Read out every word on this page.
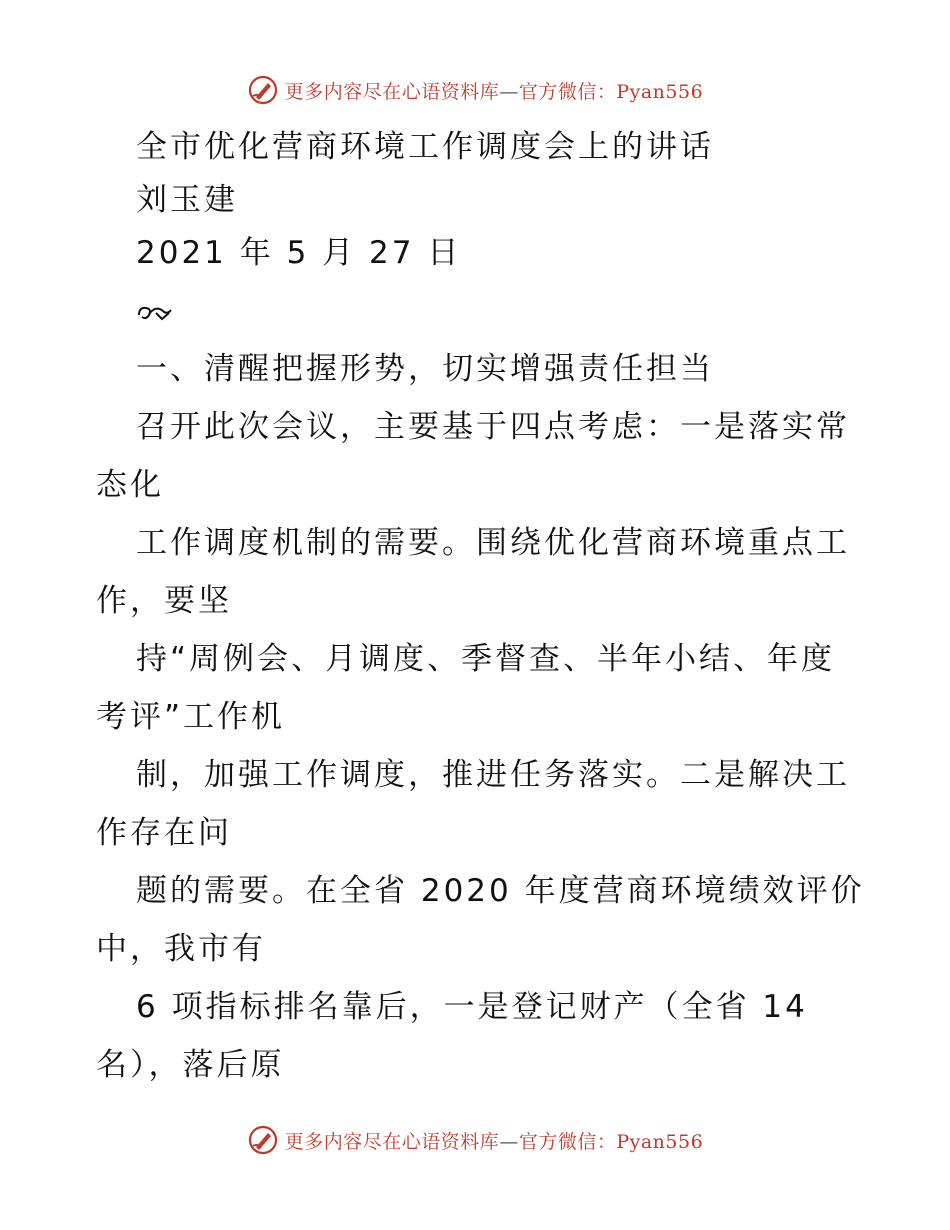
更多内容尽在心语资料库—官方微信：Pyan556
全市优化营商环境工作调度会上的讲话
刘玉建
2021 年 5 月 27 日
一、清醒把握形势，切实增强责任担当
召开此次会议，主要基于四点考虑：一是落实常
态化
工作调度机制的需要。围绕优化营商环境重点工
作，要坚
持“周例会、月调度、季督查、半年小结、年度
考评”工作机
制，加强工作调度，推进任务落实。二是解决工
作存在问
题的需要。在全省 2020 年度营商环境绩效评价
中，我市有
6 项指标排名靠后，一是登记财产（全省 14
名），落后原
更多内容尽在心语资料库—官方微信：Pyan556
